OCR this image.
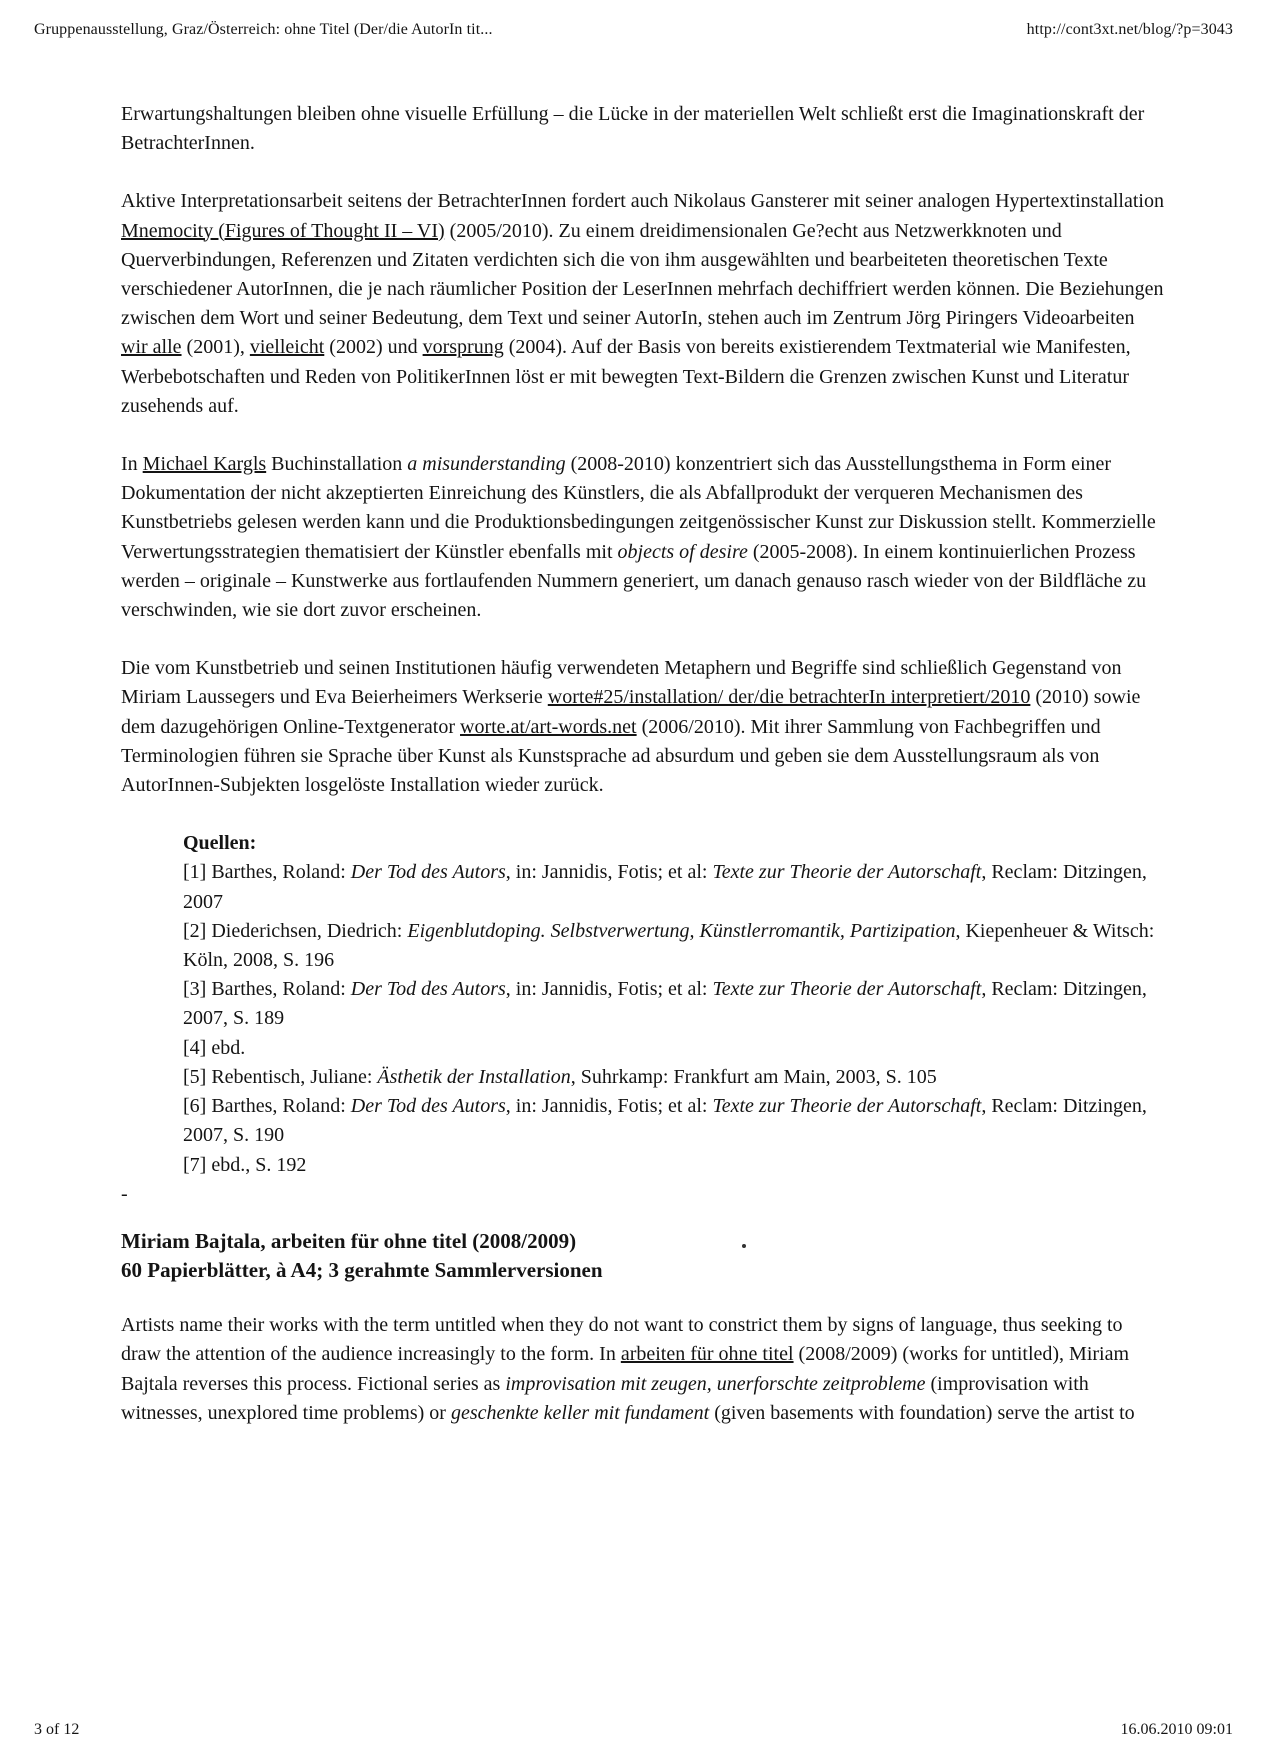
Gruppenausstellung, Graz/Österreich: ohne Titel (Der/die AutorIn tit...	http://cont3xt.net/blog/?p=3043

Erwartungshaltungen bleiben ohne visuelle Erfüllung – die Lücke in der materiellen Welt schließt erst die Imaginationskraft der BetrachterInnen.

Aktive Interpretationsarbeit seitens der BetrachterInnen fordert auch Nikolaus Gansterer mit seiner analogen Hypertextinstallation Mnemocity (Figures of Thought II – VI) (2005/2010). Zu einem dreidimensionalen Ge?echt aus Netzwerkknoten und Querverbindungen, Referenzen und Zitaten verdichten sich die von ihm ausgewählten und bearbeiteten theoretischen Texte verschiedener AutorInnen, die je nach räumlicher Position der LeserInnen mehrfach dechiffriert werden können. Die Beziehungen zwischen dem Wort und seiner Bedeutung, dem Text und seiner AutorIn, stehen auch im Zentrum Jörg Piringers Videoarbeiten wir alle (2001), vielleicht (2002) und vorsprung (2004). Auf der Basis von bereits existierendem Textmaterial wie Manifesten, Werbebotschaften und Reden von PolitikerInnen löst er mit bewegten Text-Bildern die Grenzen zwischen Kunst und Literatur zusehends auf.

In Michael Kargls Buchinstallation a misunderstanding (2008-2010) konzentriert sich das Ausstellungsthema in Form einer Dokumentation der nicht akzeptierten Einreichung des Künstlers, die als Abfallprodukt der verqueren Mechanismen des Kunstbetriebs gelesen werden kann und die Produktionsbedingungen zeitgenössischer Kunst zur Diskussion stellt. Kommerzielle Verwertungsstrategien thematisiert der Künstler ebenfalls mit objects of desire (2005-2008). In einem kontinuierlichen Prozess werden – originale – Kunstwerke aus fortlaufenden Nummern generiert, um danach genauso rasch wieder von der Bildfläche zu verschwinden, wie sie dort zuvor erscheinen.

Die vom Kunstbetrieb und seinen Institutionen häufig verwendeten Metaphern und Begriffe sind schließlich Gegenstand von Miriam Laussegers und Eva Beierheimers Werkserie worte#25/installation/ der/die betrachterIn interpretiert/2010 (2010) sowie dem dazugehörigen Online-Textgenerator worte.at/art-words.net (2006/2010). Mit ihrer Sammlung von Fachbegriffen und Terminologien führen sie Sprache über Kunst als Kunstsprache ad absurdum und geben sie dem Ausstellungsraum als von AutorInnen-Subjekten losgelöste Installation wieder zurück.

Quellen:
[1] Barthes, Roland: Der Tod des Autors, in: Jannidis, Fotis; et al: Texte zur Theorie der Autorschaft, Reclam: Ditzingen, 2007
[2] Diederichsen, Diedrich: Eigenblutdoping. Selbstverwertung, Künstlerromantik, Partizipation, Kiepenheuer & Witsch: Köln, 2008, S. 196
[3] Barthes, Roland: Der Tod des Autors, in: Jannidis, Fotis; et al: Texte zur Theorie der Autorschaft, Reclam: Ditzingen, 2007, S. 189
[4] ebd.
[5] Rebentisch, Juliane: Ästhetik der Installation, Suhrkamp: Frankfurt am Main, 2003, S. 105
[6] Barthes, Roland: Der Tod des Autors, in: Jannidis, Fotis; et al: Texte zur Theorie der Autorschaft, Reclam: Ditzingen, 2007, S. 190
[7] ebd., S. 192
-
Miriam Bajtala, arbeiten für ohne titel (2008/2009)
60 Papierblätter, à A4; 3 gerahmte Sammlerversionen

Artists name their works with the term untitled when they do not want to constrict them by signs of language, thus seeking to draw the attention of the audience increasingly to the form. In arbeiten für ohne titel (2008/2009) (works for untitled), Miriam Bajtala reverses this process. Fictional series as improvisation mit zeugen, unerforschte zeitprobleme (improvisation with witnesses, unexplored time problems) or geschenkte keller mit fundament (given basements with foundation) serve the artist to

3 of 12	16.06.2010 09:01
